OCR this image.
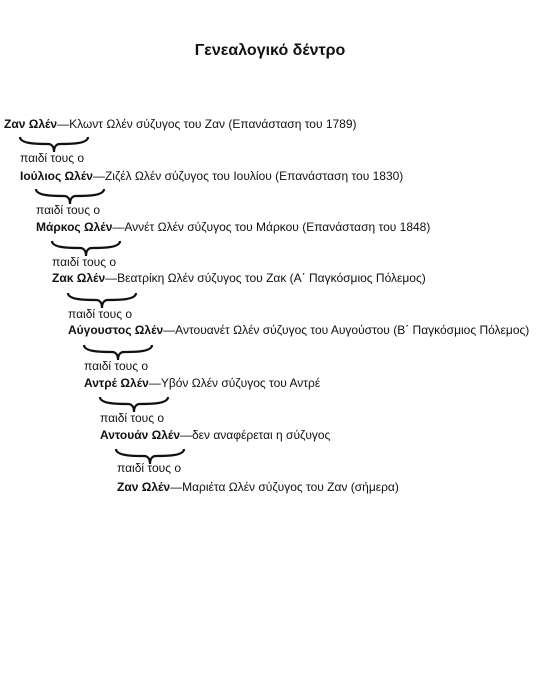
Γενεαλογικό δέντρο
Ζαν Ωλέν—Κλωντ Ωλέν σύζυγος του Ζαν (Επανάσταση του 1789)
παιδί τους ο
Ιούλιος Ωλέν—Ζιζέλ Ωλέν σύζυγος του Ιουλίου (Επανάσταση του 1830)
παιδί τους ο
Μάρκος Ωλέν—Αννέτ Ωλέν σύζυγος του Μάρκου (Επανάσταση του 1848)
παιδί τους ο
Ζακ Ωλέν—Βεατρίκη Ωλέν σύζυγος του Ζακ (Α΄ Παγκόσμιος Πόλεμος)
παιδί τους ο
Αύγουστος Ωλέν—Αντουανέτ Ωλέν σύζυγος του Αυγούστου (Β΄ Παγκόσμιος Πόλεμος)
παιδί τους ο
Αντρέ Ωλέν—Υβόν Ωλέν σύζυγος του Αντρέ
παιδί τους ο
Αντουάν Ωλέν—δεν αναφέρεται η σύζυγος
παιδί τους ο
Ζαν Ωλέν—Μαριέτα Ωλέν σύζυγος του Ζαν (σήμερα)
